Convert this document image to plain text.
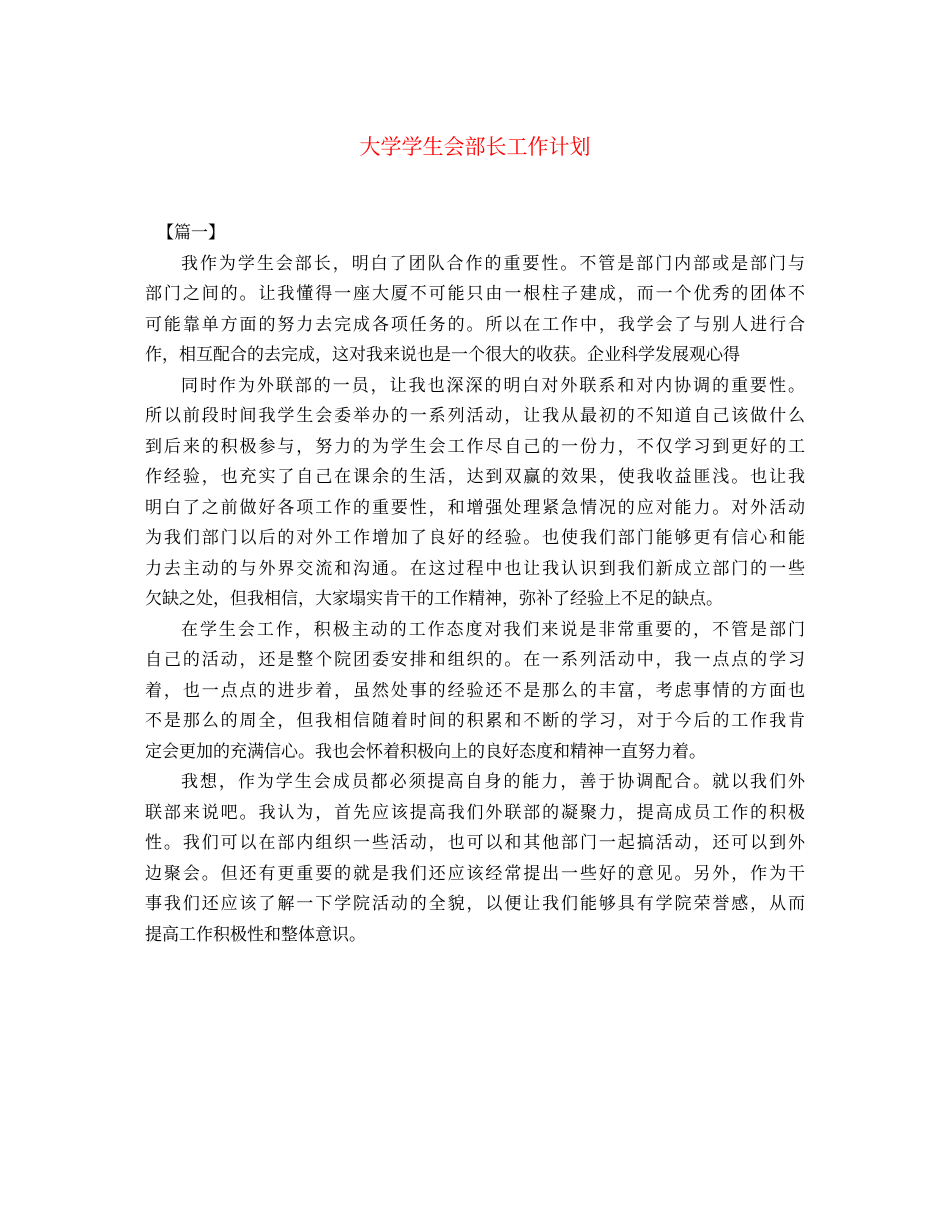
大学学生会部长工作计划

【篇一】

我作为学生会部长，明白了团队合作的重要性。不管是部门内部或是部门与
部门之间的。让我懂得一座大厦不可能只由一根柱子建成，而一个优秀的团体不
可能靠单方面的努力去完成各项任务的。所以在工作中，我学会了与别人进行合
作，相互配合的去完成，这对我来说也是一个很大的收获。企业科学发展观心得
同时作为外联部的一员，让我也深深的明白对外联系和对内协调的重要性。
所以前段时间我学生会委举办的一系列活动，让我从最初的不知道自己该做什么
到后来的积极参与，努力的为学生会工作尽自己的一份力，不仅学习到更好的工
作经验，也充实了自己在课余的生活，达到双赢的效果，使我收益匪浅。也让我
明白了之前做好各项工作的重要性，和增强处理紧急情况的应对能力。对外活动
为我们部门以后的对外工作增加了良好的经验。也使我们部门能够更有信心和能
力去主动的与外界交流和沟通。在这过程中也让我认识到我们新成立部门的一些
欠缺之处，但我相信，大家塌实肯干的工作精神，弥补了经验上不足的缺点。
在学生会工作，积极主动的工作态度对我们来说是非常重要的，不管是部门
自己的活动，还是整个院团委安排和组织的。在一系列活动中，我一点点的学习
着，也一点点的进步着，虽然处事的经验还不是那么的丰富，考虑事情的方面也
不是那么的周全，但我相信随着时间的积累和不断的学习，对于今后的工作我肯
定会更加的充满信心。我也会怀着积极向上的良好态度和精神一直努力着。
我想，作为学生会成员都必须提高自身的能力，善于协调配合。就以我们外
联部来说吧。我认为，首先应该提高我们外联部的凝聚力，提高成员工作的积极
性。我们可以在部内组织一些活动，也可以和其他部门一起搞活动，还可以到外
边聚会。但还有更重要的就是我们还应该经常提出一些好的意见。另外，作为干
事我们还应该了解一下学院活动的全貌，以便让我们能够具有学院荣誉感，从而
提高工作积极性和整体意识。
